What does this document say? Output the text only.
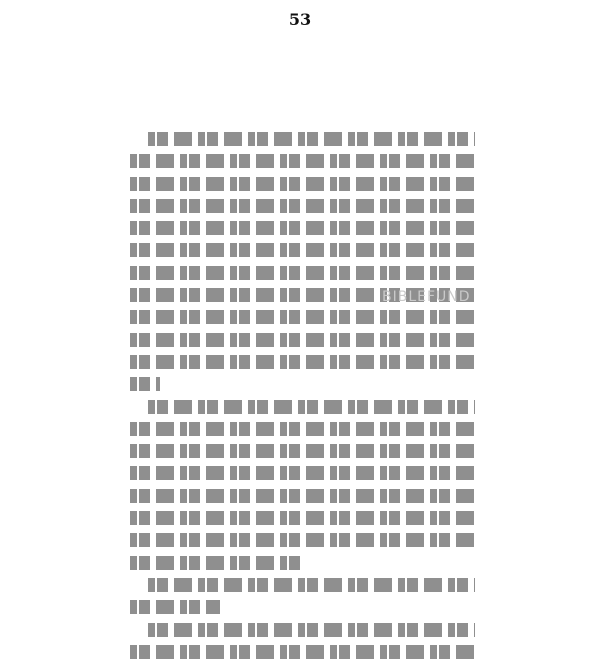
53
BIBLEFUND
